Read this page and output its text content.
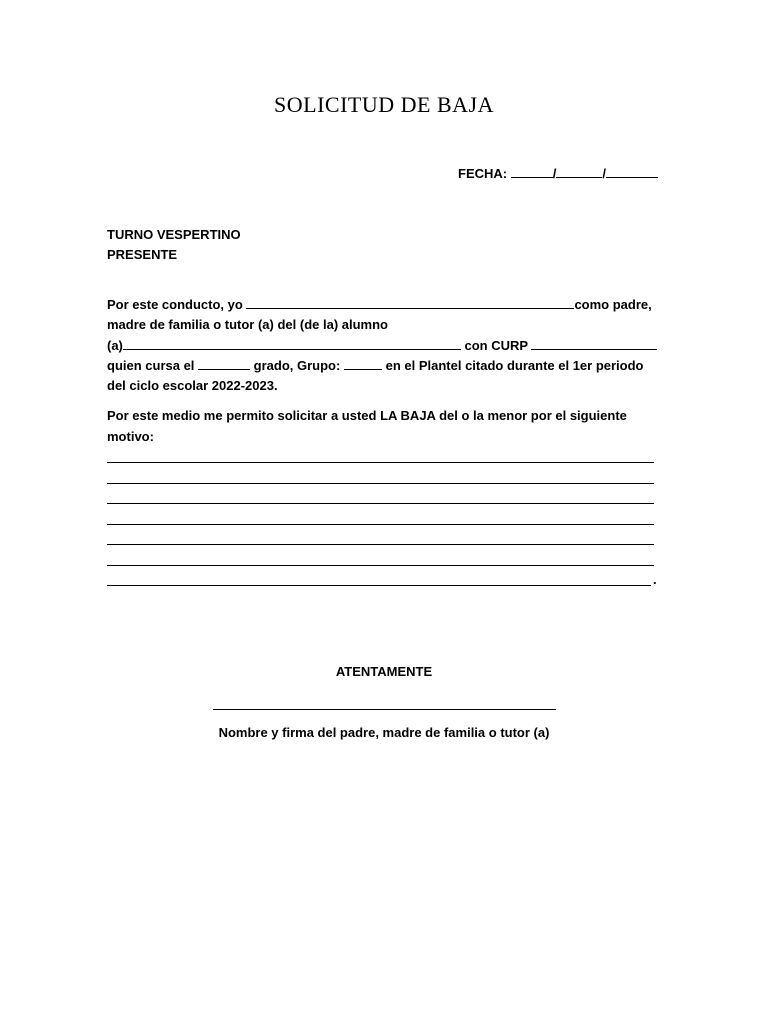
SOLICITUD DE BAJA
FECHA:	/	/
TURNO VESPERTINO
PRESENTE
Por este conducto, yo	como padre,
madre de familia o tutor (a) del (de la) alumno
(a)	con CURP
quien cursa el	grado, Grupo:	en el Plantel citado durante el 1er periodo
del ciclo escolar 2022-2023.
Por este medio me permito solicitar a usted LA BAJA del o la menor por el siguiente
motivo:
.
ATENTAMENTE
Nombre y firma del padre, madre de familia o tutor (a)
